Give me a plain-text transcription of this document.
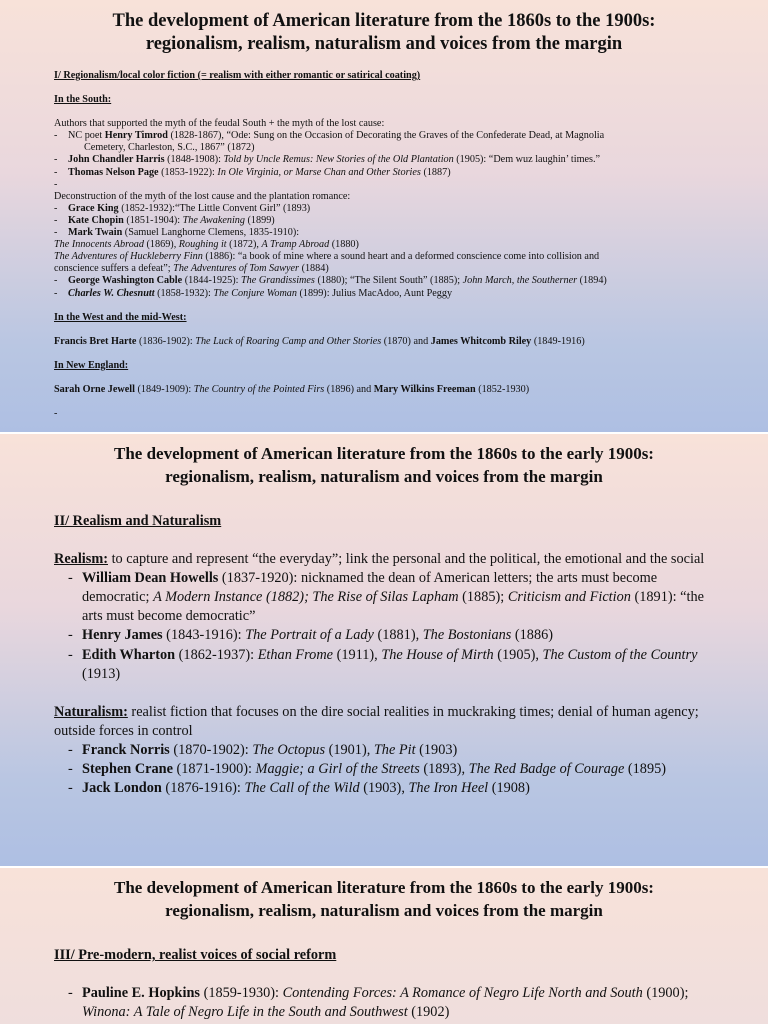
The development of American literature from the 1860s to the 1900s:
regionalism, realism, naturalism and voices from the margin

I/ Regionalism/local color fiction (= realism with either romantic or satirical coating)

In the South:

Authors that supported the myth of the feudal South + the myth of the lost cause:

- NC poet Henry Timrod (1828-1867), “Ode: Sung on the Occasion of Decorating the Graves of the Confederate Dead, at Magnolia

Cemetery, Charleston, S.C., 1867” (1872)

- John Chandler Harris (1848-1908): Told by Uncle Remus: New Stories of the Old Plantation (1905): “Dem wuz laughin’ times.”

- Thomas Nelson Page (1853-1922): In Ole Virginia, or Marse Chan and Other Stories (1887)

-

Deconstruction of the myth of the lost cause and the plantation romance:

- Grace King (1852-1932):“The Little Convent Girl” (1893)

- Kate Chopin (1851-1904): The Awakening (1899)

- Mark Twain (Samuel Langhorne Clemens, 1835-1910):

The Innocents Abroad (1869), Roughing it (1872), A Tramp Abroad (1880)

The Adventures of Huckleberry Finn (1886): “a book of mine where a sound heart and a deformed conscience come into collision and

conscience suffers a defeat”; The Adventures of Tom Sawyer (1884)

- George Washington Cable (1844-1925): The Grandissimes (1880); “The Silent South” (1885); John March, the Southerner (1894)

- Charles W. Chesnutt (1858-1932): The Conjure Woman (1899): Julius MacAdoo, Aunt Peggy

In the West and the mid-West:

Francis Bret Harte (1836-1902): The Luck of Roaring Camp and Other Stories (1870) and James Whitcomb Riley (1849-1916)

In New England:

Sarah Orne Jewell (1849-1909): The Country of the Pointed Firs (1896) and Mary Wilkins Freeman (1852-1930)

-

The development of American literature from the 1860s to the early 1900s:
regionalism, realism, naturalism and voices from the margin

II/ Realism and Naturalism

Realism: to capture and represent “the everyday”; link the personal and the political, the emotional and the social

- William Dean Howells (1837-1920): nicknamed the dean of American letters; the arts must become democratic; A Modern Instance (1882); The Rise of Silas Lapham (1885); Criticism and Fiction (1891): “the arts must become democratic”

- Henry James (1843-1916): The Portrait of a Lady (1881), The Bostonians (1886)

- Edith Wharton (1862-1937): Ethan Frome (1911), The House of Mirth (1905), The Custom of the Country (1913)

Naturalism: realist fiction that focuses on the dire social realities in muckraking times; denial of human agency; outside forces in control

- Franck Norris (1870-1902): The Octopus (1901), The Pit (1903)

- Stephen Crane (1871-1900): Maggie; a Girl of the Streets (1893), The Red Badge of Courage (1895)

- Jack London (1876-1916): The Call of the Wild (1903), The Iron Heel (1908)

The development of American literature from the 1860s to the early 1900s:
regionalism, realism, naturalism and voices from the margin

III/ Pre-modern, realist voices of social reform

- Pauline E. Hopkins (1859-1930): Contending Forces: A Romance of Negro Life North and South (1900); Winona: A Tale of Negro Life in the South and Southwest (1902)
